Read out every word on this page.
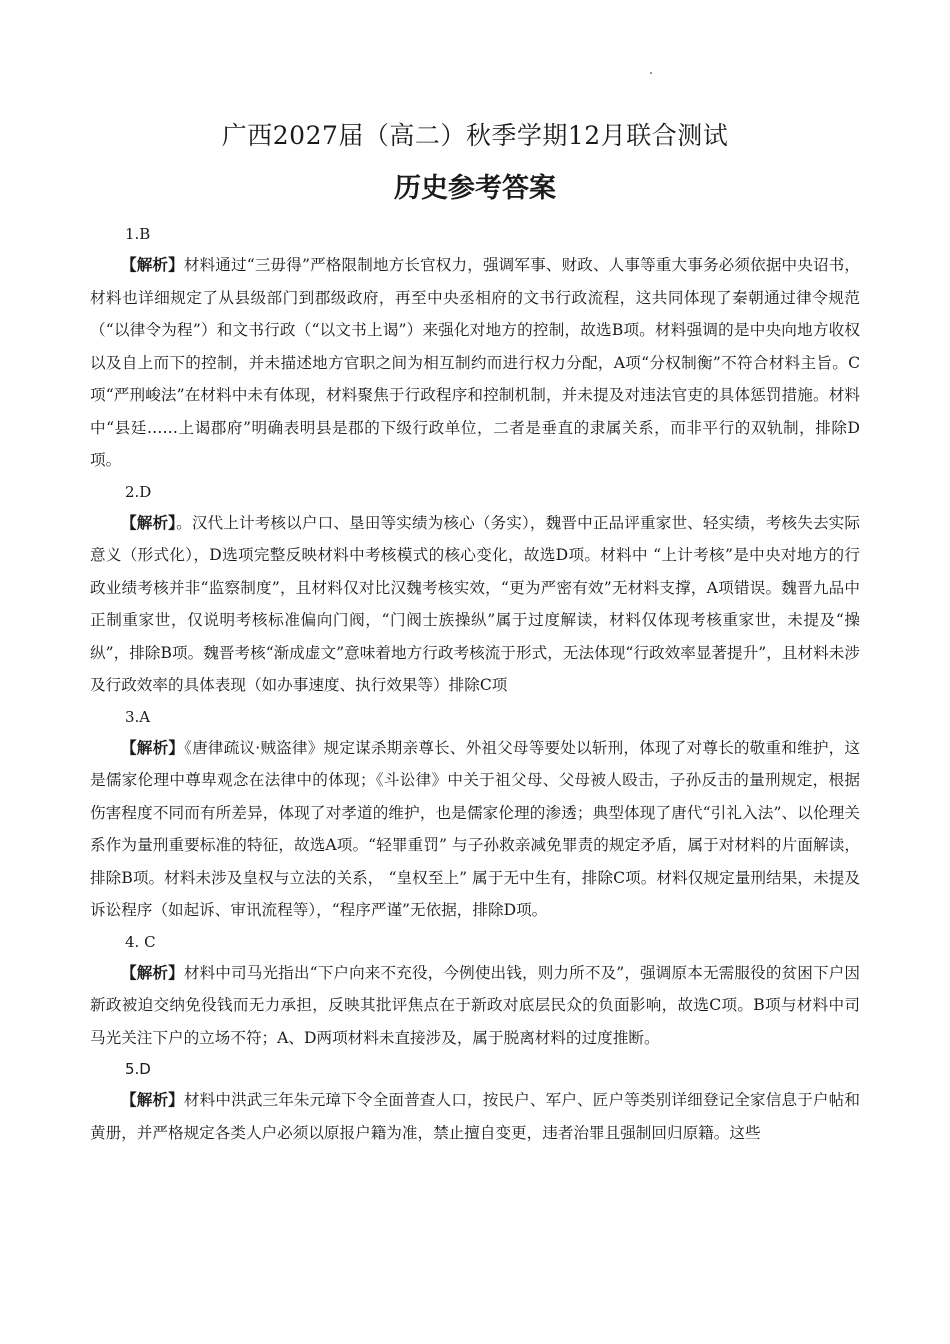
广西2027届（高二）秋季学期12月联合测试
历史参考答案

1.B

【解析】材料通过“三毋得”严格限制地方长官权力，强调军事、财政、人事等重大事务必须依据中央诏书，材料也详细规定了从县级部门到郡级政府，再至中央丞相府的文书行政流程，这共同体现了秦朝通过律令规范（“以律令为程”）和文书行政（“以文书上谒”）来强化对地方的控制，故选B项。材料强调的是中央向地方收权以及自上而下的控制，并未描述地方官职之间为相互制约而进行权力分配，A项“分权制衡”不符合材料主旨。C项“严刑峻法”在材料中未有体现，材料聚焦于行政程序和控制机制，并未提及对违法官吏的具体惩罚措施。材料中“县廷……上谒郡府”明确表明县是郡的下级行政单位，二者是垂直的隶属关系，而非平行的双轨制，排除D项。

2.D

【解析】。汉代上计考核以户口、垦田等实绩为核心（务实），魏晋中正品评重家世、轻实绩，考核失去实际意义（形式化），D选项完整反映材料中考核模式的核心变化，故选D项。材料中 “上计考核”是中央对地方的行政业绩考核并非“监察制度”，且材料仅对比汉魏考核实效，“更为严密有效”无材料支撑，A项错误。魏晋九品中正制重家世，仅说明考核标准偏向门阀，“门阀士族操纵”属于过度解读，材料仅体现考核重家世，未提及“操纵”，排除B项。魏晋考核“渐成虚文”意味着地方行政考核流于形式，无法体现“行政效率显著提升”，且材料未涉及行政效率的具体表现（如办事速度、执行效果等）排除C项

3.A

【解析】《唐律疏议·贼盗律》规定谋杀期亲尊长、外祖父母等要处以斩刑，体现了对尊长的敬重和维护，这是儒家伦理中尊卑观念在法律中的体现；《斗讼律》中关于祖父母、父母被人殴击，子孙反击的量刑规定，根据伤害程度不同而有所差异，体现了对孝道的维护，也是儒家伦理的渗透；典型体现了唐代“引礼入法”、以伦理关系作为量刑重要标准的特征，故选A项。“轻罪重罚” 与子孙救亲减免罪责的规定矛盾，属于对材料的片面解读，排除B项。材料未涉及皇权与立法的关系， “皇权至上” 属于无中生有，排除C项。材料仅规定量刑结果，未提及诉讼程序（如起诉、审讯流程等），“程序严谨”无依据，排除D项。

4. C

【解析】材料中司马光指出“下户向来不充役，今例使出钱，则力所不及”，强调原本无需服役的贫困下户因新政被迫交纳免役钱而无力承担，反映其批评焦点在于新政对底层民众的负面影响，故选C项。B项与材料中司马光关注下户的立场不符；A、D两项材料未直接涉及，属于脱离材料的过度推断。

5.D

【解析】材料中洪武三年朱元璋下令全面普查人口，按民户、军户、匠户等类别详细登记全家信息于户帖和黄册，并严格规定各类人户必须以原报户籍为准，禁止擅自变更，违者治罪且强制回归原籍。这些
